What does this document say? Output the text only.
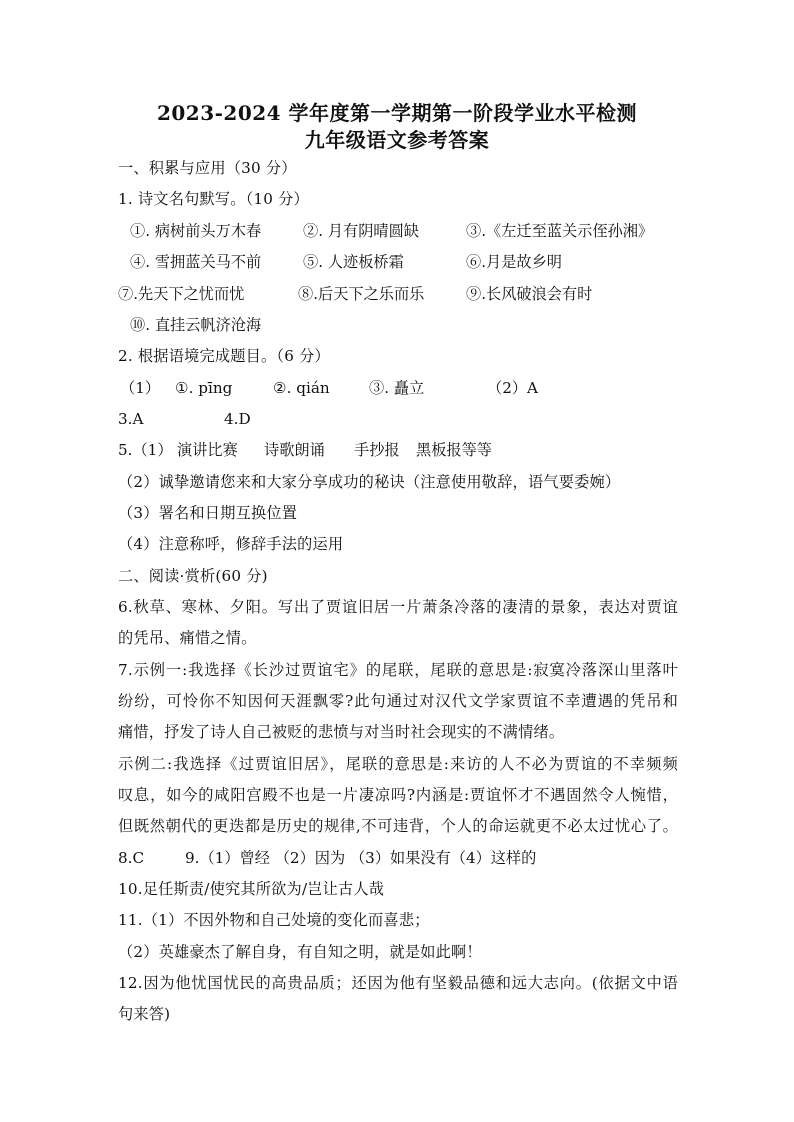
2023-2024 学年度第一学期第一阶段学业水平检测
九年级语文参考答案
一、积累与应用（30 分）
1. 诗文名句默写。（10 分）
①. 病树前头万木春	②. 月有阴晴圆缺	③.《左迁至蓝关示侄孙湘》
④. 雪拥蓝关马不前	⑤. 人迹板桥霜	⑥.月是故乡明
⑦.先天下之忧而忧	⑧.后天下之乐而乐	⑨.长风破浪会有时
⑩. 直挂云帆济沧海
2. 根据语境完成题目。（6 分）
（1） ①. pīng	②. qián	③. 矗立	（2）A
3.A	4.D
5.（1） 演讲比赛 诗歌朗诵 手抄报 黑板报等等
（2）诚挚邀请您来和大家分享成功的秘诀（注意使用敬辞，语气要委婉）
（3）署名和日期互换位置
（4）注意称呼，修辞手法的运用
二、阅读·赏析(60 分)
6.秋草、寒林、夕阳。写出了贾谊旧居一片萧条冷落的凄清的景象，表达对贾谊
的凭吊、痛惜之情。
7.示例一:我选择《长沙过贾谊宅》的尾联，尾联的意思是:寂寞冷落深山里落叶
纷纷，可怜你不知因何天涯飘零?此句通过对汉代文学家贾谊不幸遭遇的凭吊和
痛惜，抒发了诗人自己被贬的悲愤与对当时社会现实的不满情绪。
示例二:我选择《过贾谊旧居》，尾联的意思是:来访的人不必为贾谊的不幸频频
叹息，如今的咸阳宫殿不也是一片凄凉吗?内涵是:贾谊怀才不遇固然令人惋惜，
但既然朝代的更迭都是历史的规律,不可违背，个人的命运就更不必太过忧心了。
8.C	9.（1）曾经 （2）因为 （3）如果没有（4）这样的
10.足任斯责/使究其所欲为/岂让古人哉
11.（1）不因外物和自己处境的变化而喜悲；
（2）英雄豪杰了解自身，有自知之明，就是如此啊！
12.因为他忧国忧民的高贵品质；还因为他有坚毅品德和远大志向。(依据文中语
句来答)
